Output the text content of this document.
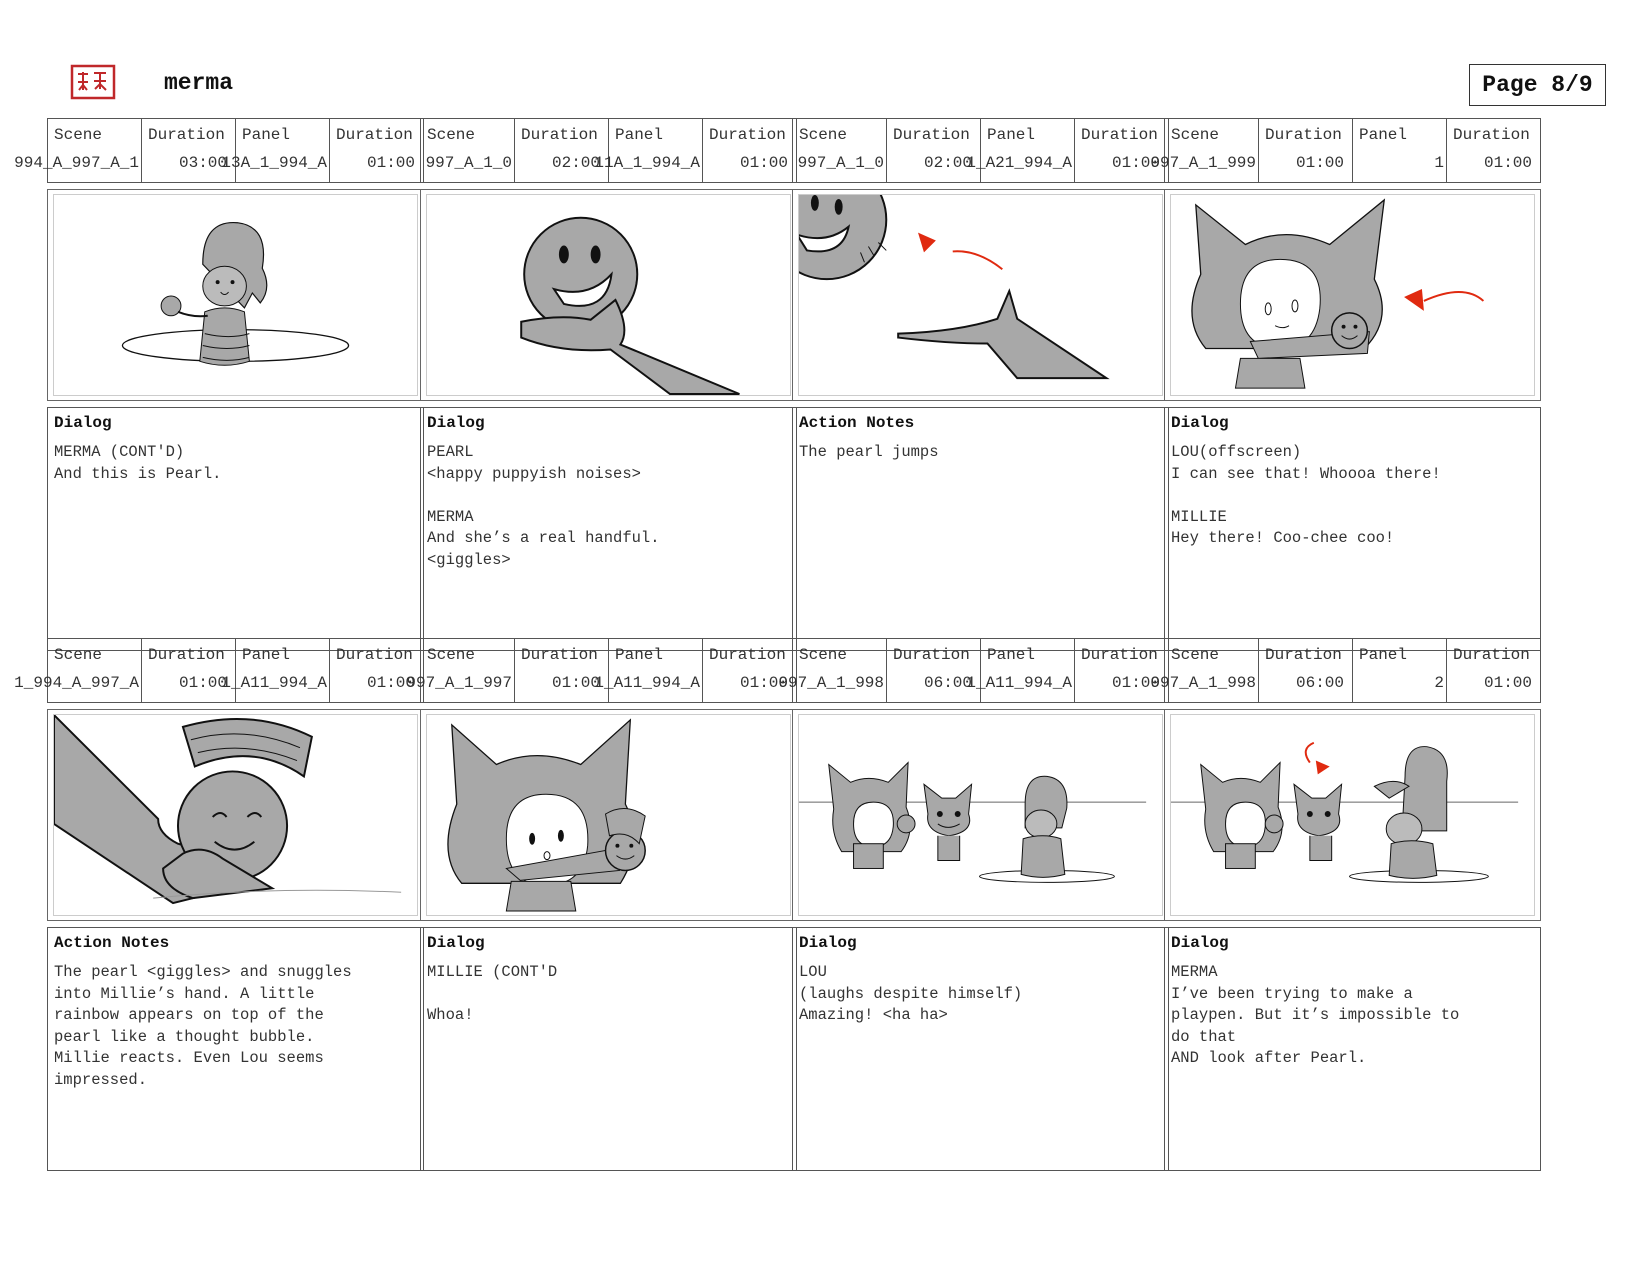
merma	Page 8/9
Scene
994_A_997_A_1
Duration
03:00
Panel
13A_1_994_A
Duration
01:00
Dialog
MERMA (CONT'D)
And this is Pearl.
Scene
997_A_1_0
Duration
02:00
Panel
11A_1_994_A
Duration
01:00
Dialog
PEARL
<happy puppyish noises>

MERMA
And she’s a real handful.
<giggles>
Scene
997_A_1_0
Duration
02:00
Panel
1_A21_994_A
Duration
01:00
Action Notes
The pearl jumps
Scene
997_A_1_999
Duration
01:00
Panel
1
Duration
01:00
Dialog
LOU(offscreen)
I can see that! Whoooa there!

MILLIE
Hey there! Coo-chee coo!
Scene
1_994_A_997_A
Duration
01:00
Panel
1_A11_994_A
Duration
01:00
Action Notes
The pearl <giggles> and snuggles
into Millie’s hand. A little
rainbow appears on top of the
pearl like a thought bubble.
Millie reacts. Even Lou seems
impressed.
Scene
997_A_1_997
Duration
01:00
Panel
1_A11_994_A
Duration
01:00
Dialog
MILLIE (CONT'D

Whoa!
Scene
997_A_1_998
Duration
06:00
Panel
1_A11_994_A
Duration
01:00
Dialog
LOU
(laughs despite himself)
Amazing! <ha ha>
Scene
997_A_1_998
Duration
06:00
Panel
2
Duration
01:00
Dialog
MERMA
I’ve been trying to make a
playpen. But it’s impossible to
do that
AND look after Pearl.
